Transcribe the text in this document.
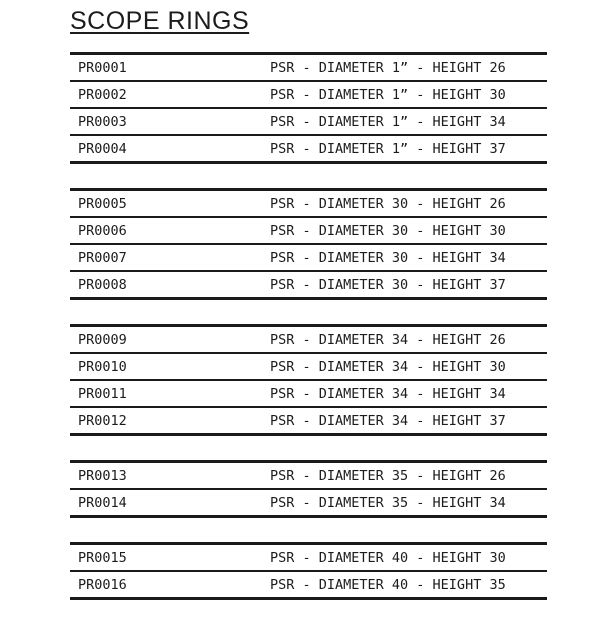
SCOPE RINGS
PR0001	PSR - DIAMETER 1” - HEIGHT 26
PR0002	PSR - DIAMETER 1” - HEIGHT 30
PR0003	PSR - DIAMETER 1” - HEIGHT 34
PR0004	PSR - DIAMETER 1” - HEIGHT 37
PR0005	PSR - DIAMETER 30 - HEIGHT 26
PR0006	PSR - DIAMETER 30 - HEIGHT 30
PR0007	PSR - DIAMETER 30 - HEIGHT 34
PR0008	PSR - DIAMETER 30 - HEIGHT 37
PR0009	PSR - DIAMETER 34 - HEIGHT 26
PR0010	PSR - DIAMETER 34 - HEIGHT 30
PR0011	PSR - DIAMETER 34 - HEIGHT 34
PR0012	PSR - DIAMETER 34 - HEIGHT 37
PR0013	PSR - DIAMETER 35 - HEIGHT 26
PR0014	PSR - DIAMETER 35 - HEIGHT 34
PR0015	PSR - DIAMETER 40 - HEIGHT 30
PR0016	PSR - DIAMETER 40 - HEIGHT 35
